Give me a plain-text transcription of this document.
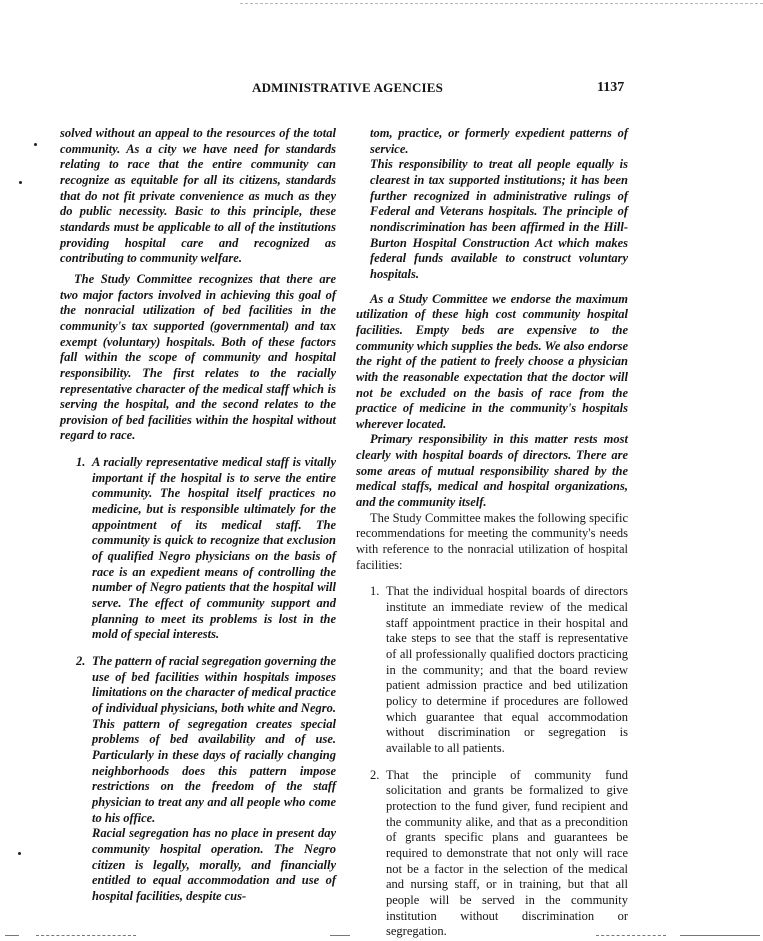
ADMINISTRATIVE AGENCIES	1137

solved without an appeal to the resources of the total community. As a city we have need for standards relating to race that the entire community can recognize as equitable for all its citizens, standards that do not fit private convenience as much as they do public necessity. Basic to this principle, these standards must be applicable to all of the institutions providing hospital care and recognized as contributing to community welfare.

The Study Committee recognizes that there are two major factors involved in achieving this goal of the nonracial utilization of bed facilities in the community's tax supported (governmental) and tax exempt (voluntary) hospitals. Both of these factors fall within the scope of community and hospital responsibility. The first relates to the racially representative character of the medical staff which is serving the hospital, and the second relates to the provision of bed facilities within the hospital without regard to race.

1. A racially representative medical staff is vitally important if the hospital is to serve the entire community. The hospital itself practices no medicine, but is responsible ultimately for the appointment of its medical staff. The community is quick to recognize that exclusion of qualified Negro physicians on the basis of race is an expedient means of controlling the number of Negro patients that the hospital will serve. The effect of community support and planning to meet its problems is lost in the mold of special interests.

2. The pattern of racial segregation governing the use of bed facilities within hospitals imposes limitations on the character of medical practice of individual physicians, both white and Negro. This pattern of segregation creates special problems of bed availability and of use. Particularly in these days of racially changing neighborhoods does this pattern impose restrictions on the freedom of the staff physician to treat any and all people who come to his office.

Racial segregation has no place in present day community hospital operation. The Negro citizen is legally, morally, and financially entitled to equal accommodation and use of hospital facilities, despite cus-

tom, practice, or formerly expedient patterns of service.

This responsibility to treat all people equally is clearest in tax supported institutions; it has been further recognized in administrative rulings of Federal and Veterans hospitals. The principle of nondiscrimination has been affirmed in the Hill-Burton Hospital Construction Act which makes federal funds available to construct voluntary hospitals.

As a Study Committee we endorse the maximum utilization of these high cost community hospital facilities. Empty beds are expensive to the community which supplies the beds. We also endorse the right of the patient to freely choose a physician with the reasonable expectation that the doctor will not be excluded on the basis of race from the practice of medicine in the community's hospitals wherever located.

Primary responsibility in this matter rests most clearly with hospital boards of directors. There are some areas of mutual responsibility shared by the medical staffs, medical and hospital organizations, and the community itself.

The Study Committee makes the following specific recommendations for meeting the community's needs with reference to the nonracial utilization of hospital facilities:

1. That the individual hospital boards of directors institute an immediate review of the medical staff appointment practice in their hospital and take steps to see that the staff is representative of all professionally qualified doctors practicing in the community; and that the board review patient admission practice and bed utilization policy to determine if procedures are followed which guarantee that equal accommodation without discrimination or segregation is available to all patients.

2. That the principle of community fund solicitation and grants be formalized to give protection to the fund giver, fund recipient and the community alike, and that as a precondition of grants specific plans and guarantees be required to demonstrate that not only will race not be a factor in the selection of the medical and nursing staff, or in training, but that all people will be served in the community institution without discrimination or segregation.
